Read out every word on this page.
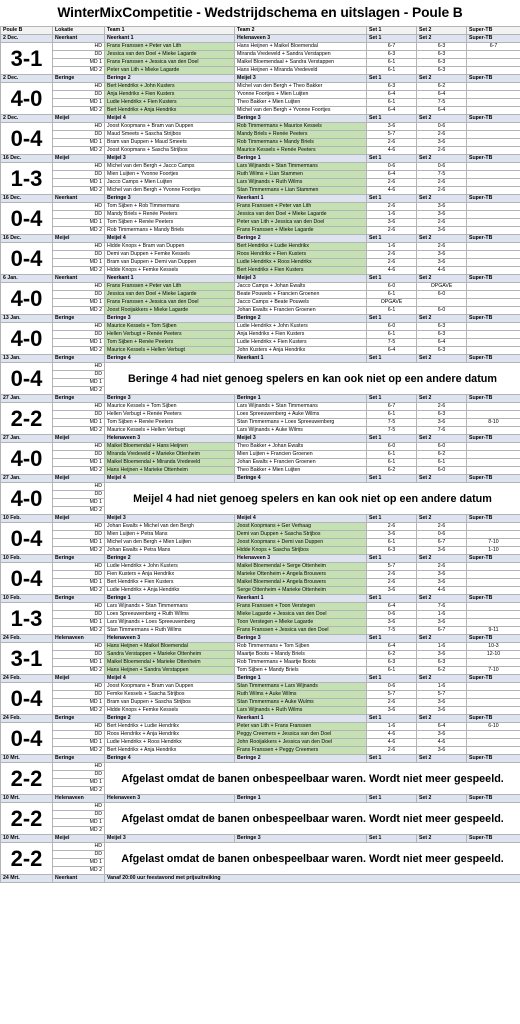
WinterMixCompetitie - Wedstrijdschema en uitslagen - Poule B
Poule B	Lokatie	Team 1	Team 2	Set 1	Set 2	Super-TB
2 Dec.	Neerkant	Neerkant 1	Helenaveen 3	Set 1	Set 2	Super-TB
3-1	HD	Frans Franssen + Peter van Lith	Hans Heijnen + Maikel Bloemendal	6-7	6-3	6-7
	DD	Jessica van den Doel + Mieke Lagarde	Miranda Vredeveld + Sandra Verstappen	6-3	6-3	
	MD 1	Frans Franssen + Jessica van den Doel	Maikel Bloemendaal + Sandra Verstappen	6-1	6-3	
	MD 2	Peter van Lith + Mieke Lagarde	Hans Heijnen + Miranda Vredeveld	6-1	6-3	
2 Dec.	Beringe	Beringe 2	Meijel 3	Set 1	Set 2	Super-TB
4-0	HD	Bert Hendrikx + John Kusters	Michel van den Bergh + Theo Bakker	6-3	6-2	
	DD	Anja Hendrikx + Fien Kusters	Yvonne Foortjes + Mien Luijten	6-4	6-4	
	MD 1	Ludie Hendrikx + Fien Kusters	Theo Bakker + Mien Luijten	6-1	7-5	
	MD 2	Bert Hendrikx + Anja Hendrikx	Michel van den Bergh + Yvonne Foortjes	6-4	6-4	
2 Dec.	Meijel	Meijel 4	Beringe 3	Set 1	Set 2	Super-TB
0-4	HD	Joost Koopmans + Bram van Duppen	Rob Timmermans + Maurice Kessels	3-6	0-6	
	DD	Maud Smeets + Sascha Strijbos	Mandy Briels + Renée Peeters	5-7	2-6	
	MD 1	Bram van Duppen + Maud Smeets	Rob Timmermans + Mandy Briels	2-6	3-6	
	MD 2	Joost Koopmans + Sascha Strijbos	Maurice Kessels + Renée Peeters	4-6	2-6	
16 Dec.	Meijel	Meijel 3	Beringe 1	Set 1	Set 2	Super-TB
1-3	HD	Michel van den Bergh + Jacco Camps	Lars Wijnands + Stan Timmermans	0-6	0-6	
	DD	Mien Luijten + Yvonne Foortjes	Ruth Wilms + Lian Stammen	6-4	7-5	
	MD 1	Jacco Camps + Mien Luijten	Lars Wijnands + Ruth Wilms	2-6	2-6	
	MD 2	Michel van den Bergh + Yvonne Foortjes	Stan Timmermans + Lian Stammen	4-6	2-6	
16 Dec.	Neerkant	Beringe 3	Neerkant 1	Set 1	Set 2	Super-TB
0-4	HD	Tom Sijben + Rob Timmermans	Frans Franssen + Peter van Lith	2-6	3-6	
	DD	Mandy Briels + Renée Peeters	Jessica van den Doel + Mieke Lagarde	1-6	3-6	
	MD 1	Tom Sijben + Renée Peeters	Peter van Lith + Jessica van den Doel	3-6	2-6	
	MD 2	Rob Timmermans + Mandy Briels	Frans Franssen + Mieke Lagarde	2-6	3-6	
16 Dec.	Meijel	Meijel 4	Beringe 2	Set 1	Set 2	Super-TB
0-4	HD	Hidde Knops + Bram van Duppen	Bert Hendrikx + Ludie Hendrikx	1-6	2-6	
	DD	Demi van Duppen + Femke Kessels	Roos Hendrikx + Fien Kusters	2-6	3-6	
	MD 1	Bram van Duppen + Demi van Duppen	Ludie Hendrikx + Roos Hendrikx	2-6	3-6	
	MD 2	Hidde Knops + Femke Kessels	Bert Hendrikx + Fien Kusters	4-6	4-6	
6 Jan.	Neerkant	Neerkant 1	Meijel 3	Set 1	Set 2	Super-TB
4-0	HD	Frans Franssen + Peter van Lith	Jacco Camps + Johan Ewalts	6-0	OPGAVE	
	DD	Jessica van den Doel + Mieke Lagarde	Beate Pouwels + Francien Groenen	6-1	6-0	
	MD 1	Frans Franssen + Jessica van den Doel	Jacco Camps + Beate Pouwels	OPGAVE		
	MD 2	Joost Rooijakkers + Mieke Lagarde	Johan Ewalts + Francien Groenen	6-1	6-0	
13 Jan.	Beringe	Beringe 3	Beringe 2	Set 1	Set 2	Super-TB
4-0	HD	Maurice Kessels + Tom Sijben	Ludie Hendrikx + John Kusters	6-0	6-3	
	DD	Hellen Verbugt + Renée Peeters	Anja Hendrikx + Fien Kusters	6-1	6-3	
	MD 1	Tom Sijben + Renée Peeters	Ludie Hendrikx + Fien Kusters	7-5	6-4	
	MD 2	Maurice Kessels + Hellen Verbugt	John Kusters + Anja Hendrikx	6-4	6-3	
13 Jan.	Beringe	Beringe 4	Neerkant 1	Set 1	Set 2	Super-TB
0-4	HD	Beringe 4 had niet genoeg spelers en kan ook niet op een andere datum				
	DD					
	MD 1					
	MD 2					
27 Jan.	Beringe	Beringe 3	Beringe 1	Set 1	Set 2	Super-TB
2-2	HD	Maurice Kessels + Tom Sijben	Lars Wijnands + Stan Timmermans	6-7	2-6	
	DD	Hellen Verbugt + Renée Peeters	Loes Spreeuwenberg + Auke Wilms	6-1	6-3	
	MD 1	Tom Sijben + Renée Peeters	Stan Timmermans + Loes Spreeuwenberg	7-5	3-6	8-10
	MD 2	Maurice Kessels + Hellen Verbugt	Lars Wijnands + Auke Wilms	7-5	7-6	
27 Jan.	Meijel	Helenaveen 3	Meijel 3	Set 1	Set 2	Super-TB
4-0	HD	Maikel Bloemendal + Hans Heijnen	Theo Bakker + Johan Ewalts	6-0	6-0	
	DD	Miranda Vredeveld + Marieke Ottenheim	Mien Luijten + Francien Groenen	6-1	6-2	
	MD 1	Maikel Bloemendal + Miranda Vredeveld	Johan Ewalts + Francien Groenen	6-1	6-1	
	MD 2	Hans Heijnen + Marieke Ottenheim	Theo Bakker + Mien Luijten	6-2	6-0	
27 Jan.	Meijel	Meijel 4	Beringe 4	Set 1	Set 2	Super-TB
4-0	HD	Meijel 4 had niet genoeg spelers en kan ook niet op een andere datum				
	DD					
	MD 1					
	MD 2					
10 Feb.	Meijel	Meijel 3	Meijel 4	Set 1	Set 2	Super-TB
0-4	HD	Johan Ewalts + Michel van den Bergh	Joost Koopmans + Ger Verhaag	2-6	2-6	
	DD	Mien Luijten + Petra Mans	Demi van Duppen + Sascha Strijbos	3-6	0-6	
	MD 1	Michel van den Bergh + Mien Luijten	Joost Koopmans + Demi van Duppen	6-1	6-7	7-10
	MD 2	Johan Ewalts + Petra Mans	Hidde Knops + Sascha Strijbos	6-3	3-6	1-10
10 Feb.	Beringe	Beringe 2	Helenaveen 3	Set 1	Set 2	Super-TB
0-4	HD	Ludie Hendrikx + John Kusters	Maikel Bloemendal + Serge Ottenheim	5-7	2-6	
	DD	Fien Kusters + Anja Hendrikx	Marieke Ottenheim + Angela Brouwers	2-6	3-6	
	MD 1	Bert Hendrikx + Fien Kusters	Maikel Bloemendal + Angela Brouwers	2-6	3-6	
	MD 2	Ludie Hendrikx + Anja Hendrikx	Serge Ottenheim + Marieke Ottenheim	3-6	4-6	
10 Feb.	Beringe	Beringe 1	Neerkant 1	Set 1	Set 2	Super-TB
1-3	HD	Lars Wijnands + Stan Timmermans	Frans Franssen + Toon Verstegen	6-4	7-6	
	DD	Loes Spreeuwenberg + Ruth Wilms	Mieke Lagarde + Jessica van den Doel	0-6	1-6	
	MD 1	Lars Wijnands + Loes Spreeuwenberg	Toon Verstegen + Mieke Lagarde	3-6	3-6	
	MD 2	Stan Timmermans + Ruth Wilms	Frans Franssen + Jessica van den Doel	7-5	6-7	9-11
24 Feb.	Helenaveen	Helenaveen 3	Beringe 3	Set 1	Set 2	Super-TB
3-1	HD	Hans Heijnen + Maikel Bloemendal	Rob Timmermans + Tom Sijben	6-4	1-6	10-3
	DD	Sandra Verstappen + Marieke Ottenheim	Maartje Boots + Mandy Briels	6-2	3-6	12-10
	MD 1	Maikel Bloemendal + Marieke Ottenheim	Rob Timmermans + Maartje Boots	6-3	6-3	
	MD 2	Hans Heijnen + Sandra Verstappen	Tom Sijben + Mandy Briels	6-1	6-2	7-10
24 Feb.	Meijel	Meijel 4	Beringe 1	Set 1	Set 2	Super-TB
0-4	HD	Joost Koopmans + Bram van Duppen	Stan Timmermans + Lars Wijnands	0-6	1-6	
	DD	Femke Kessels + Sascha Strijbos	Ruth Wilms + Auke Wilms	5-7	5-7	
	MD 1	Bram van Duppen + Sascha Strijbos	Stan Timmermans + Auke Wulms	2-6	3-6	
	MD 2	Hidde Knops + Femke Kessels	Lars Wijnands + Ruth Wilms	3-6	3-6	
24 Feb.	Beringe	Beringe 2	Neerkant 1	Set 1	Set 2	Super-TB
0-4	HD	Bert Hendrikx + Ludie Hendrikx	Peter van Lith + Frans Franssen	1-6	6-4	6-10
	DD	Roos Hendrikx + Anja Hendrikx	Peggy Creemers + Jessica van den Doel	4-6	3-6	
	MD 1	Ludie Hendrikx + Roos Hendrikx	John Rooijakkers + Jessica van den Doel	4-6	4-6	
	MD 2	Bert Hendrikx + Anja Hendrikx	Frans Franssen + Peggy Creemers	2-6	3-6	
10 Mrt.	Beringe	Beringe 4	Beringe 2	Set 1	Set 2	Super-TB
2-2	HD	Afgelast omdat de banen onbespeelbaar waren. Wordt niet meer gespeeld.				
	DD					
	MD 1					
	MD 2					
10 Mrt.	Helenaveen	Helenaveen 3	Beringe 1	Set 1	Set 2	Super-TB
2-2	HD	Afgelast omdat de banen onbespeelbaar waren. Wordt niet meer gespeeld.				
	DD					
	MD 1					
	MD 2					
10 Mrt.	Meijel	Meijel 3	Beringe 3	Set 1	Set 2	Super-TB
2-2	HD	Afgelast omdat de banen onbespeelbaar waren. Wordt niet meer gespeeld.				
	DD					
	MD 1					
	MD 2					
24 Mrt.	Neerkant	Vanaf 20:00 uur feestavond met prijsuitreiking				
